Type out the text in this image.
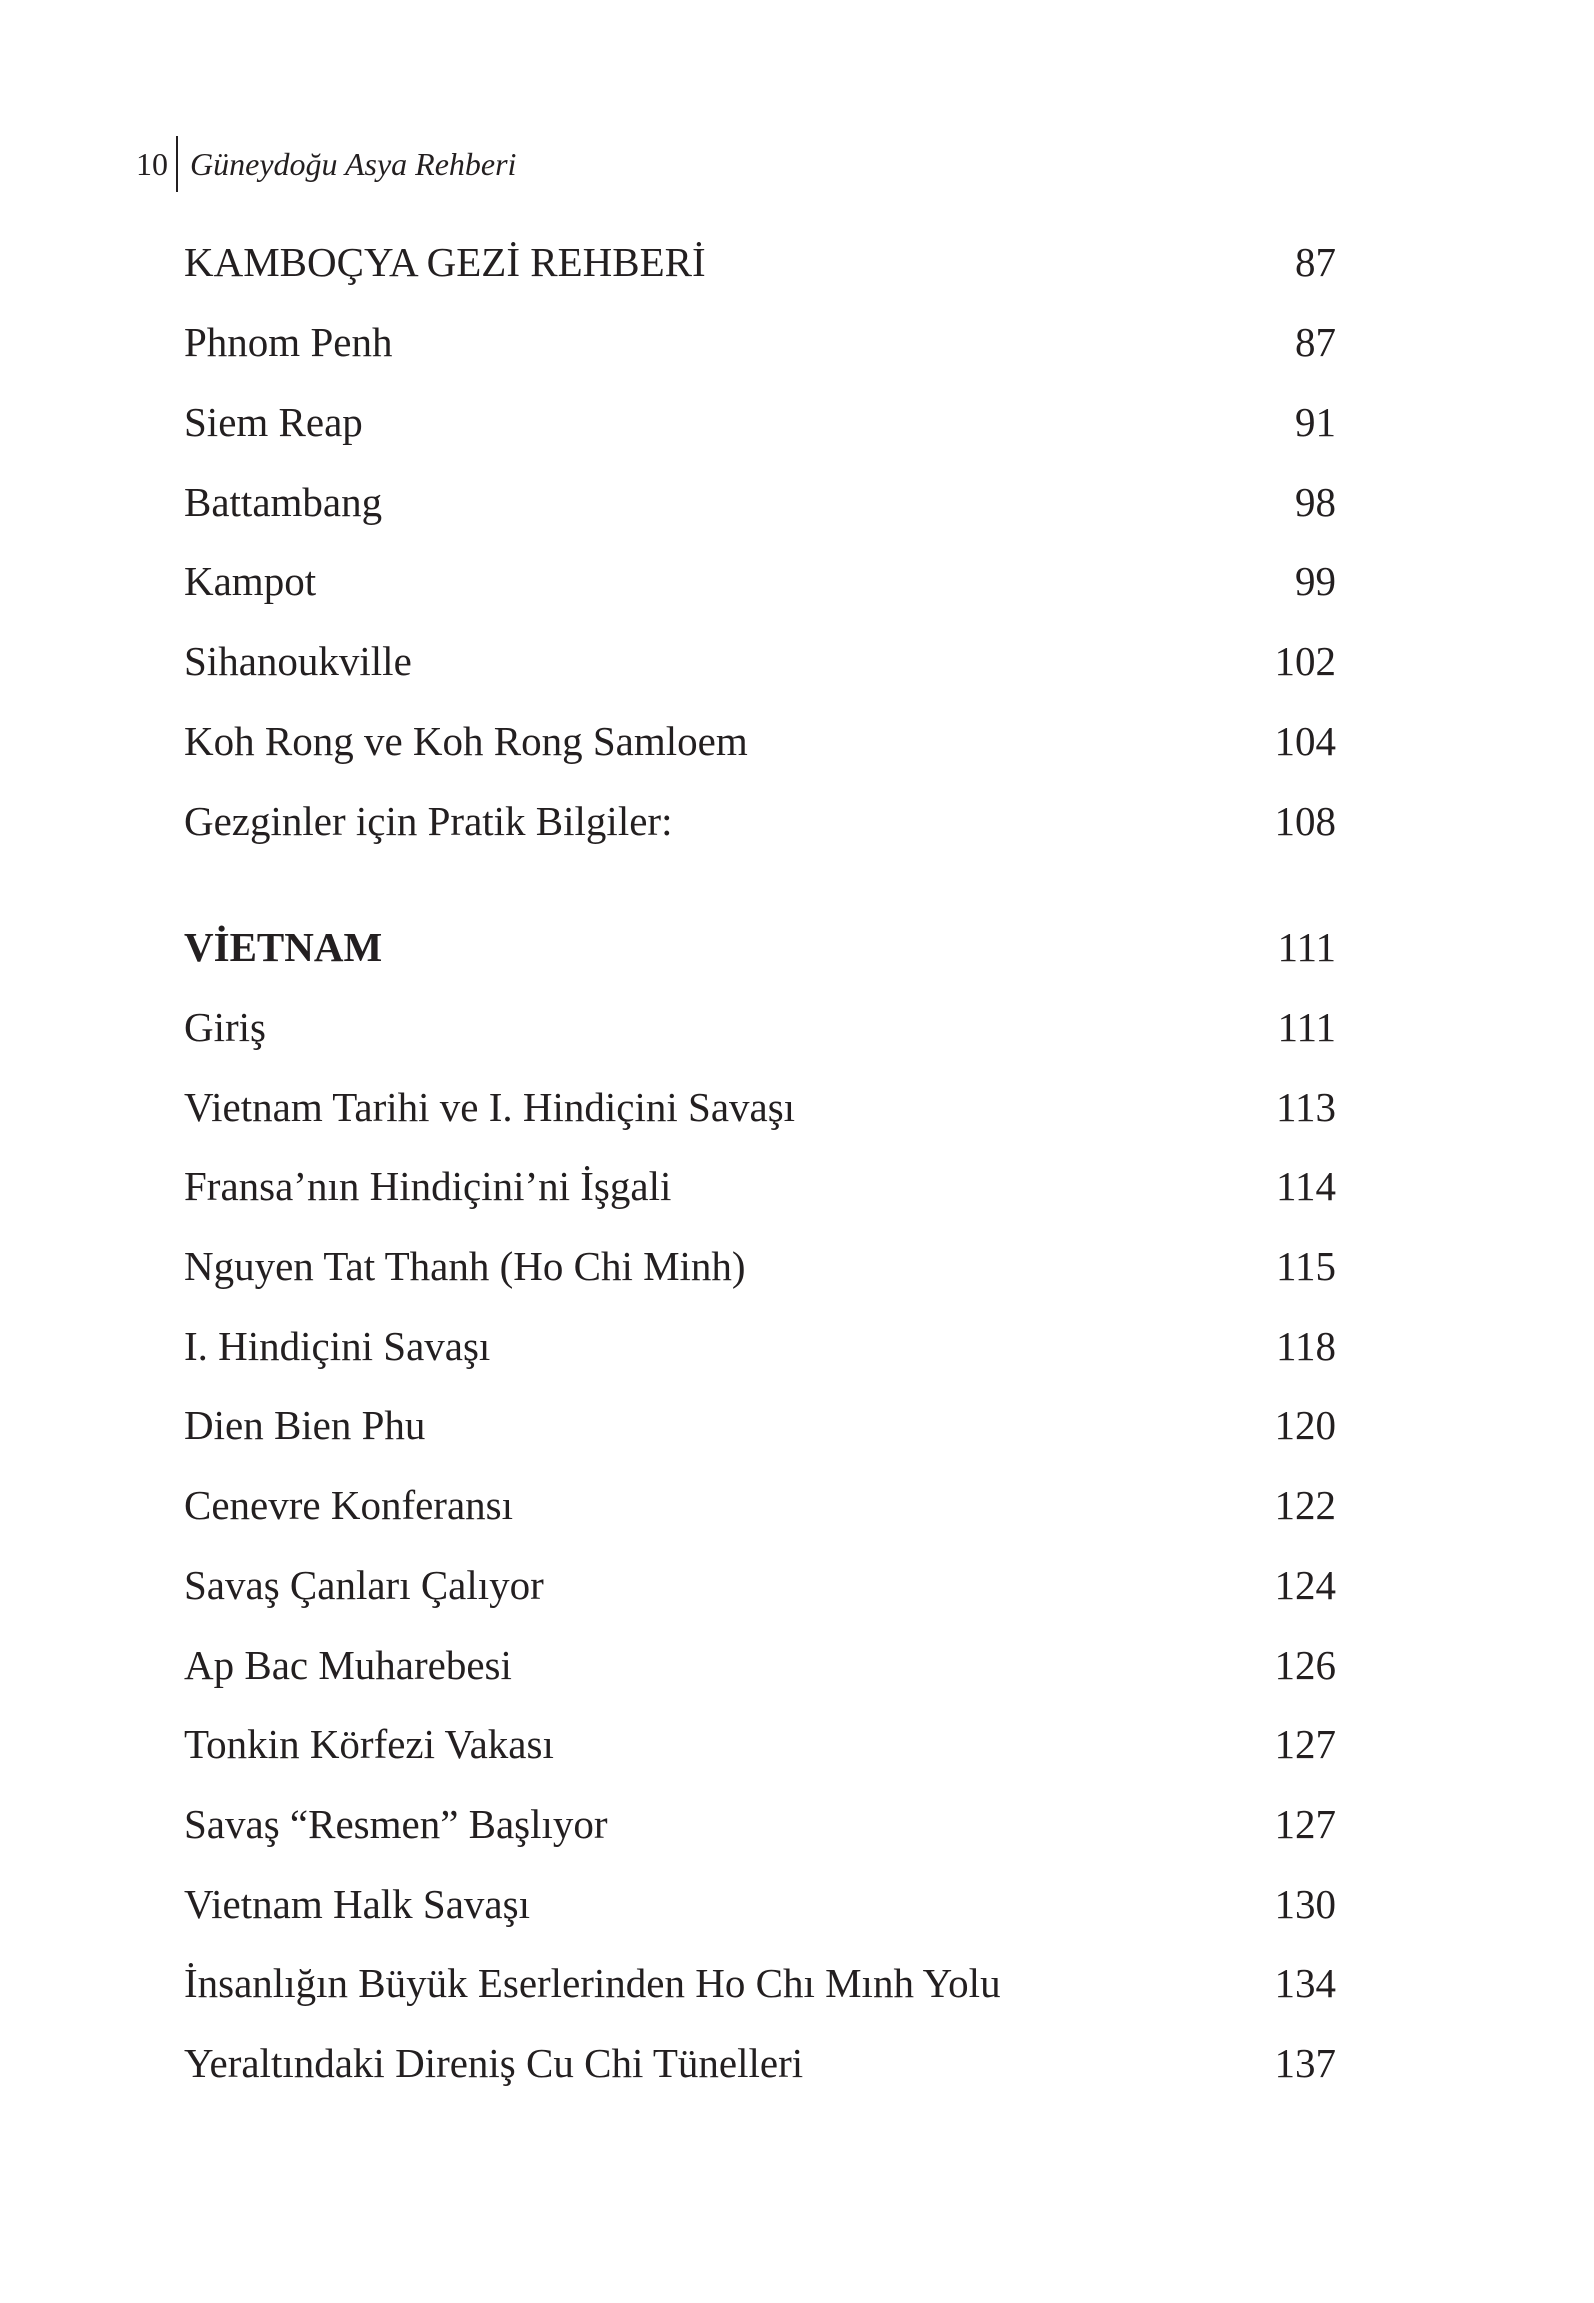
10 Güneydoğu Asya Rehberi
KAMBOÇYA GEZİ REHBERİ	87
Phnom Penh	87
Siem Reap	91
Battambang	98
Kampot	99
Sihanoukville	102
Koh Rong ve Koh Rong Samloem	104
Gezginler için Pratik Bilgiler:	108
VİETNAM	111
Giriş	111
Vietnam Tarihi ve I. Hindiçini Savaşı	113
Fransa’nın Hindiçini’ni İşgali	114
Nguyen Tat Thanh (Ho Chi Minh)	115
I. Hindiçini Savaşı	118
Dien Bien Phu	120
Cenevre Konferansı	122
Savaş Çanları Çalıyor	124
Ap Bac Muharebesi	126
Tonkin Körfezi Vakası	127
Savaş “Resmen” Başlıyor	127
Vietnam Halk Savaşı	130
İnsanlığın Büyük Eserlerinden Ho Chı Mınh Yolu	134
Yeraltındaki Direniş Cu Chi Tünelleri	137
